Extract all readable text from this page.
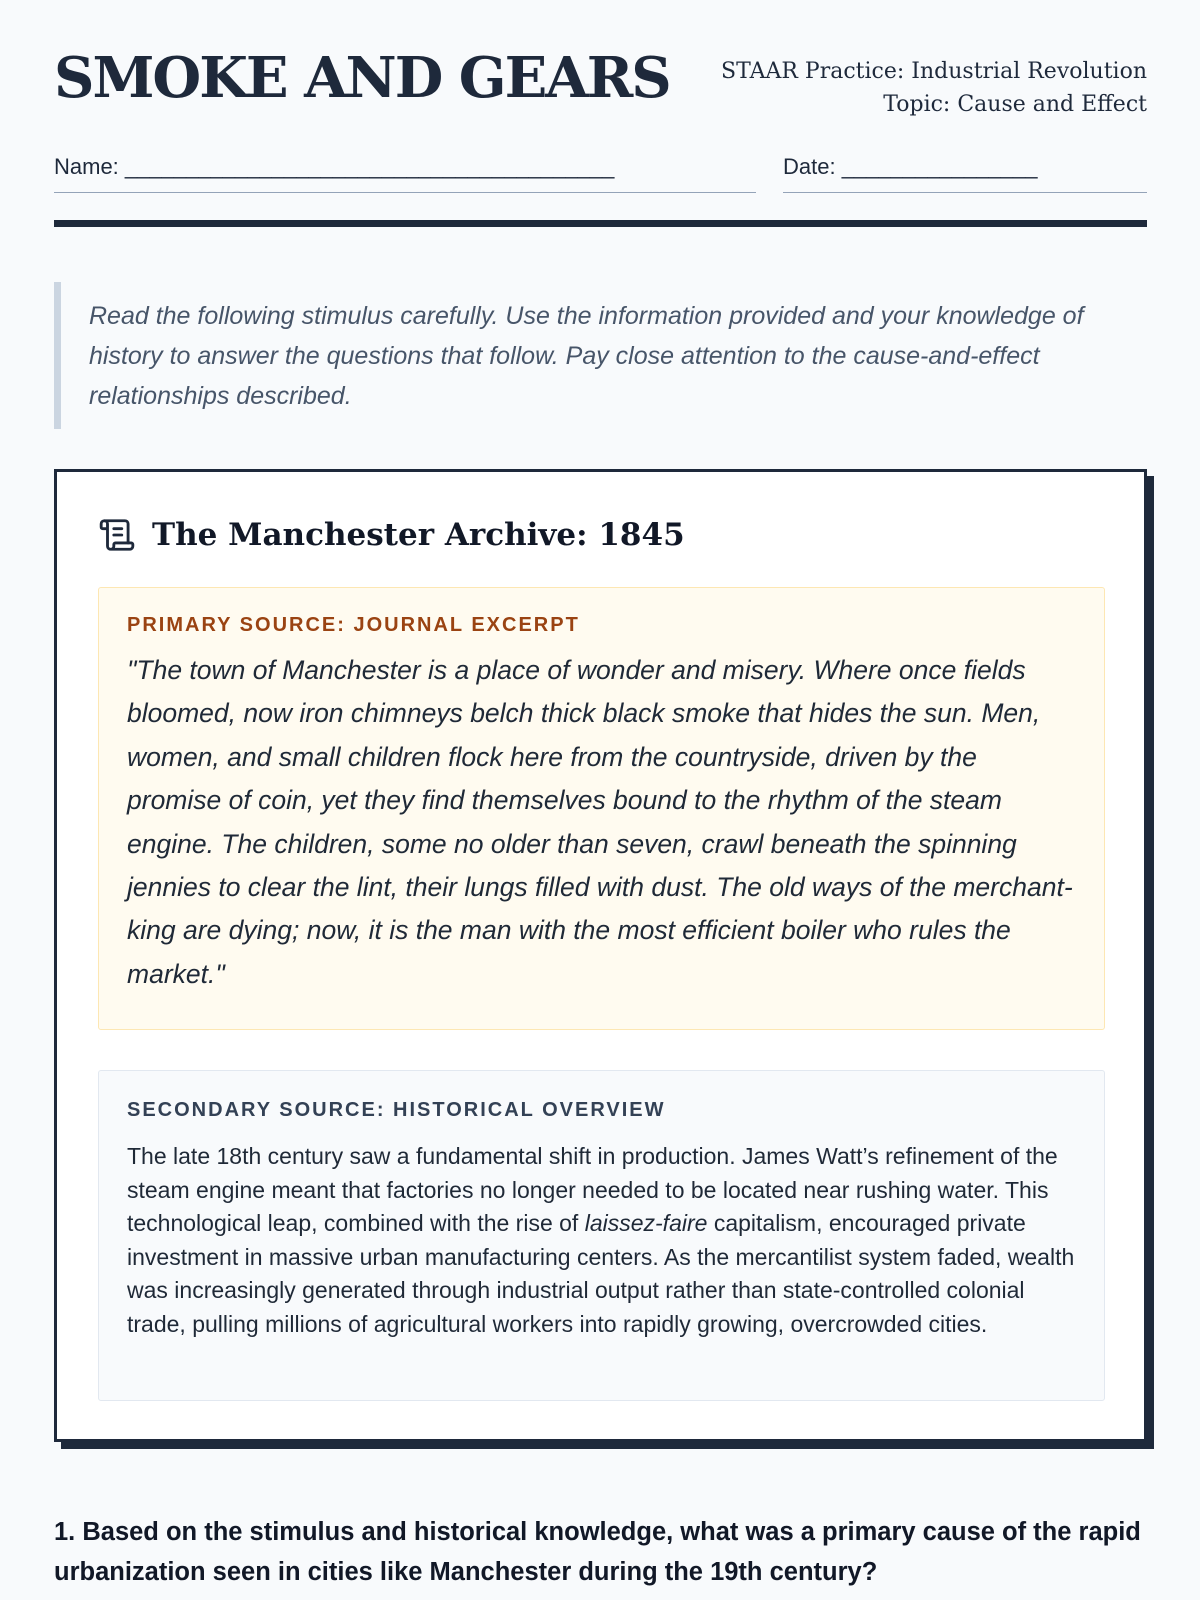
SMOKE AND GEARS STAAR Practice: Industrial Revolution
Topic: Cause and Effect
Name: ________________________________________	Date: ________________
Read the following stimulus carefully. Use the information provided and your knowledge of history to answer the questions that follow. Pay close attention to the cause-and-effect relationships described.
The Manchester Archive: 1845
PRIMARY SOURCE: JOURNAL EXCERPT
"The town of Manchester is a place of wonder and misery. Where once fields bloomed, now iron chimneys belch thick black smoke that hides the sun. Men, women, and small children flock here from the countryside, driven by the promise of coin, yet they find themselves bound to the rhythm of the steam engine. The children, some no older than seven, crawl beneath the spinning jennies to clear the lint, their lungs filled with dust. The old ways of the merchant-king are dying; now, it is the man with the most efficient boiler who rules the market."
SECONDARY SOURCE: HISTORICAL OVERVIEW
The late 18th century saw a fundamental shift in production. James Watt’s refinement of the steam engine meant that factories no longer needed to be located near rushing water. This technological leap, combined with the rise of laissez-faire capitalism, encouraged private investment in massive urban manufacturing centers. As the mercantilist system faded, wealth was increasingly generated through industrial output rather than state-controlled colonial trade, pulling millions of agricultural workers into rapidly growing, overcrowded cities.
1. Based on the stimulus and historical knowledge, what was a primary cause of the rapid urbanization seen in cities like Manchester during the 19th century?
